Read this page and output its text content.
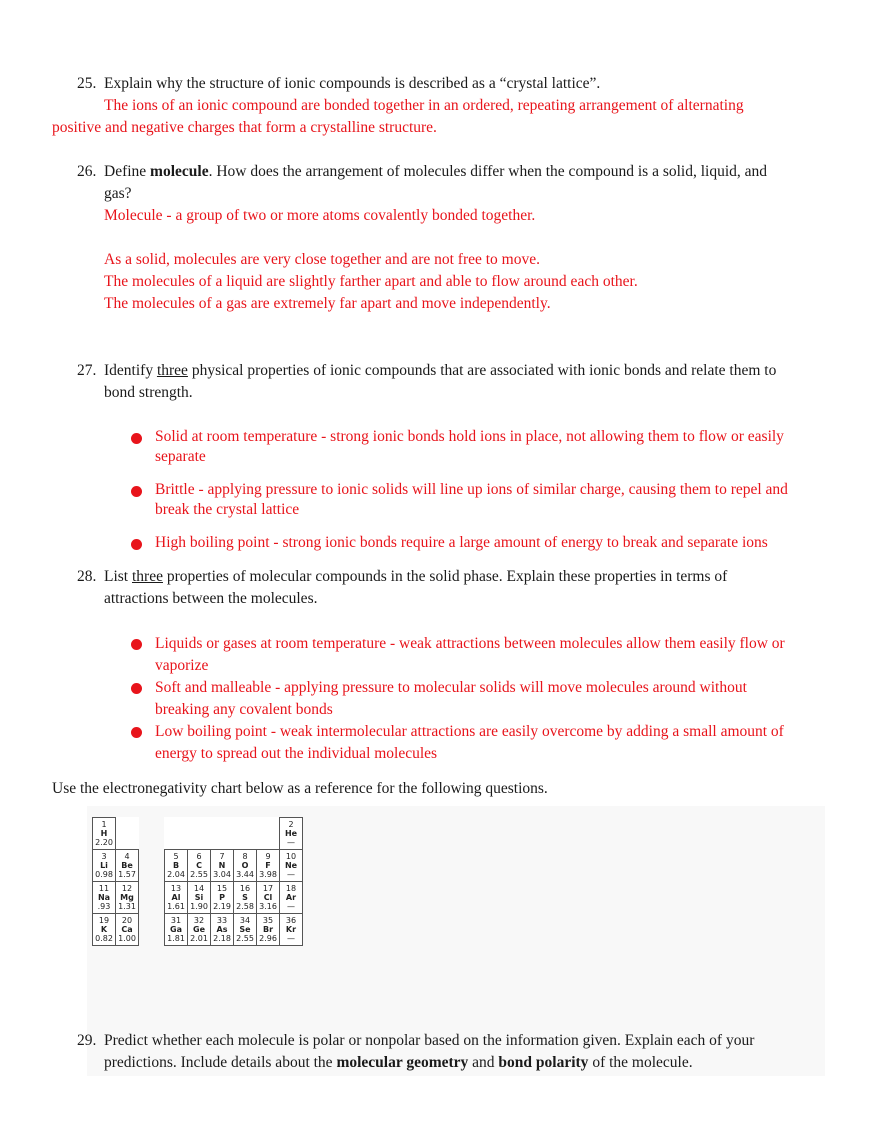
25. Explain why the structure of ionic compounds is described as a “crystal lattice”.
The ions of an ionic compound are bonded together in an ordered, repeating arrangement of alternating
positive and negative charges that form a crystalline structure.
26. Define molecule. How does the arrangement of molecules differ when the compound is a solid, liquid, and
gas?
Molecule - a group of two or more atoms covalently bonded together.
As a solid, molecules are very close together and are not free to move.
The molecules of a liquid are slightly farther apart and able to flow around each other.
The molecules of a gas are extremely far apart and move independently.
27. Identify three physical properties of ionic compounds that are associated with ionic bonds and relate them to
bond strength.
Solid at room temperature - strong ionic bonds hold ions in place, not allowing them to flow or easily
separate
Brittle - applying pressure to ionic solids will line up ions of similar charge, causing them to repel and
break the crystal lattice
High boiling point - strong ionic bonds require a large amount of energy to break and separate ions
28. List three properties of molecular compounds in the solid phase. Explain these properties in terms of
attractions between the molecules.
Liquids or gases at room temperature - weak attractions between molecules allow them easily flow or
vaporize
Soft and malleable - applying pressure to molecular solids will move molecules around without
breaking any covalent bonds
Low boiling point - weak intermolecular attractions are easily overcome by adding a small amount of
energy to spread out the individual molecules
Use the electronegativity chart below as a reference for the following questions.
1
H
2.20	

3
Li
0.98	4
Be
1.57

11
Na
.93	12
Mg
1.31

19
K
0.82	20
Ca
1.00

					2
He
—

5
B
2.04	6
C
2.55	7
N
3.04	8
O
3.44	9
F
3.98	10
Ne
—

13
Al
1.61	14
Si
1.90	15
P
2.19	16
S
2.58	17
Cl
3.16	18
Ar
—

31
Ga
1.81	32
Ge
2.01	33
As
2.18	34
Se
2.55	35
Br
2.96	36
Kr
—
29. Predict whether each molecule is polar or nonpolar based on the information given. Explain each of your
predictions. Include details about the molecular geometry and bond polarity of the molecule.
